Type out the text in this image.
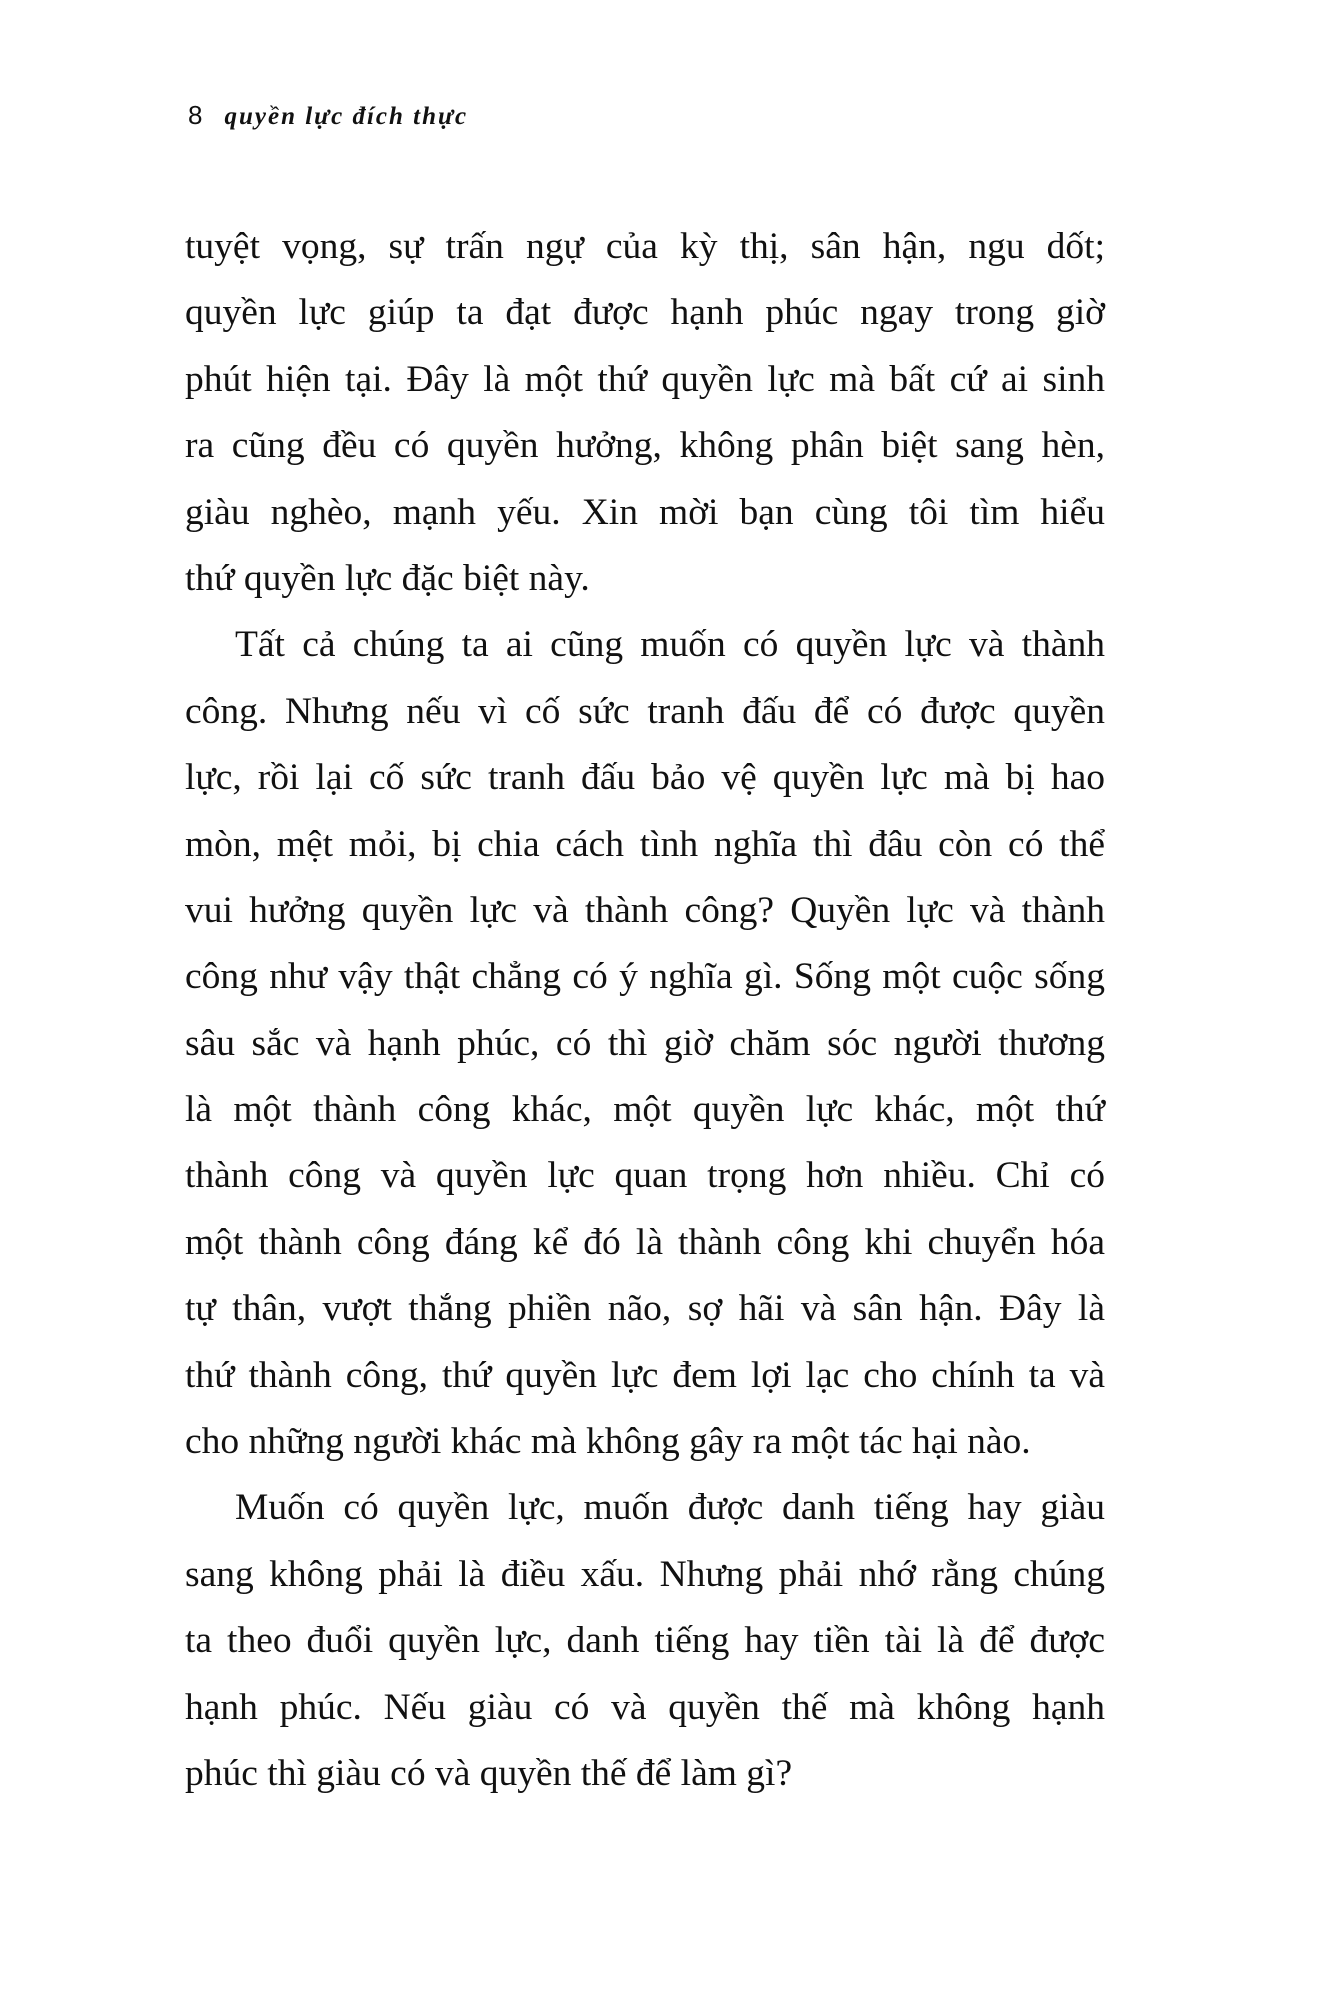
8 quyền lực đích thực
tuyệt vọng, sự trấn ngự của kỳ thị, sân hận, ngu dốt;
quyền lực giúp ta đạt được hạnh phúc ngay trong giờ
phút hiện tại. Đây là một thứ quyền lực mà bất cứ ai sinh
ra cũng đều có quyền hưởng, không phân biệt sang hèn,
giàu nghèo, mạnh yếu. Xin mời bạn cùng tôi tìm hiểu
thứ quyền lực đặc biệt này.
Tất cả chúng ta ai cũng muốn có quyền lực và thành
công. Nhưng nếu vì cố sức tranh đấu để có được quyền
lực, rồi lại cố sức tranh đấu bảo vệ quyền lực mà bị hao
mòn, mệt mỏi, bị chia cách tình nghĩa thì đâu còn có thể
vui hưởng quyền lực và thành công? Quyền lực và thành
công như vậy thật chẳng có ý nghĩa gì. Sống một cuộc sống
sâu sắc và hạnh phúc, có thì giờ chăm sóc người thương
là một thành công khác, một quyền lực khác, một thứ
thành công và quyền lực quan trọng hơn nhiều. Chỉ có
một thành công đáng kể đó là thành công khi chuyển hóa
tự thân, vượt thắng phiền não, sợ hãi và sân hận. Đây là
thứ thành công, thứ quyền lực đem lợi lạc cho chính ta và
cho những người khác mà không gây ra một tác hại nào.
Muốn có quyền lực, muốn được danh tiếng hay giàu
sang không phải là điều xấu. Nhưng phải nhớ rằng chúng
ta theo đuổi quyền lực, danh tiếng hay tiền tài là để được
hạnh phúc. Nếu giàu có và quyền thế mà không hạnh
phúc thì giàu có và quyền thế để làm gì?
